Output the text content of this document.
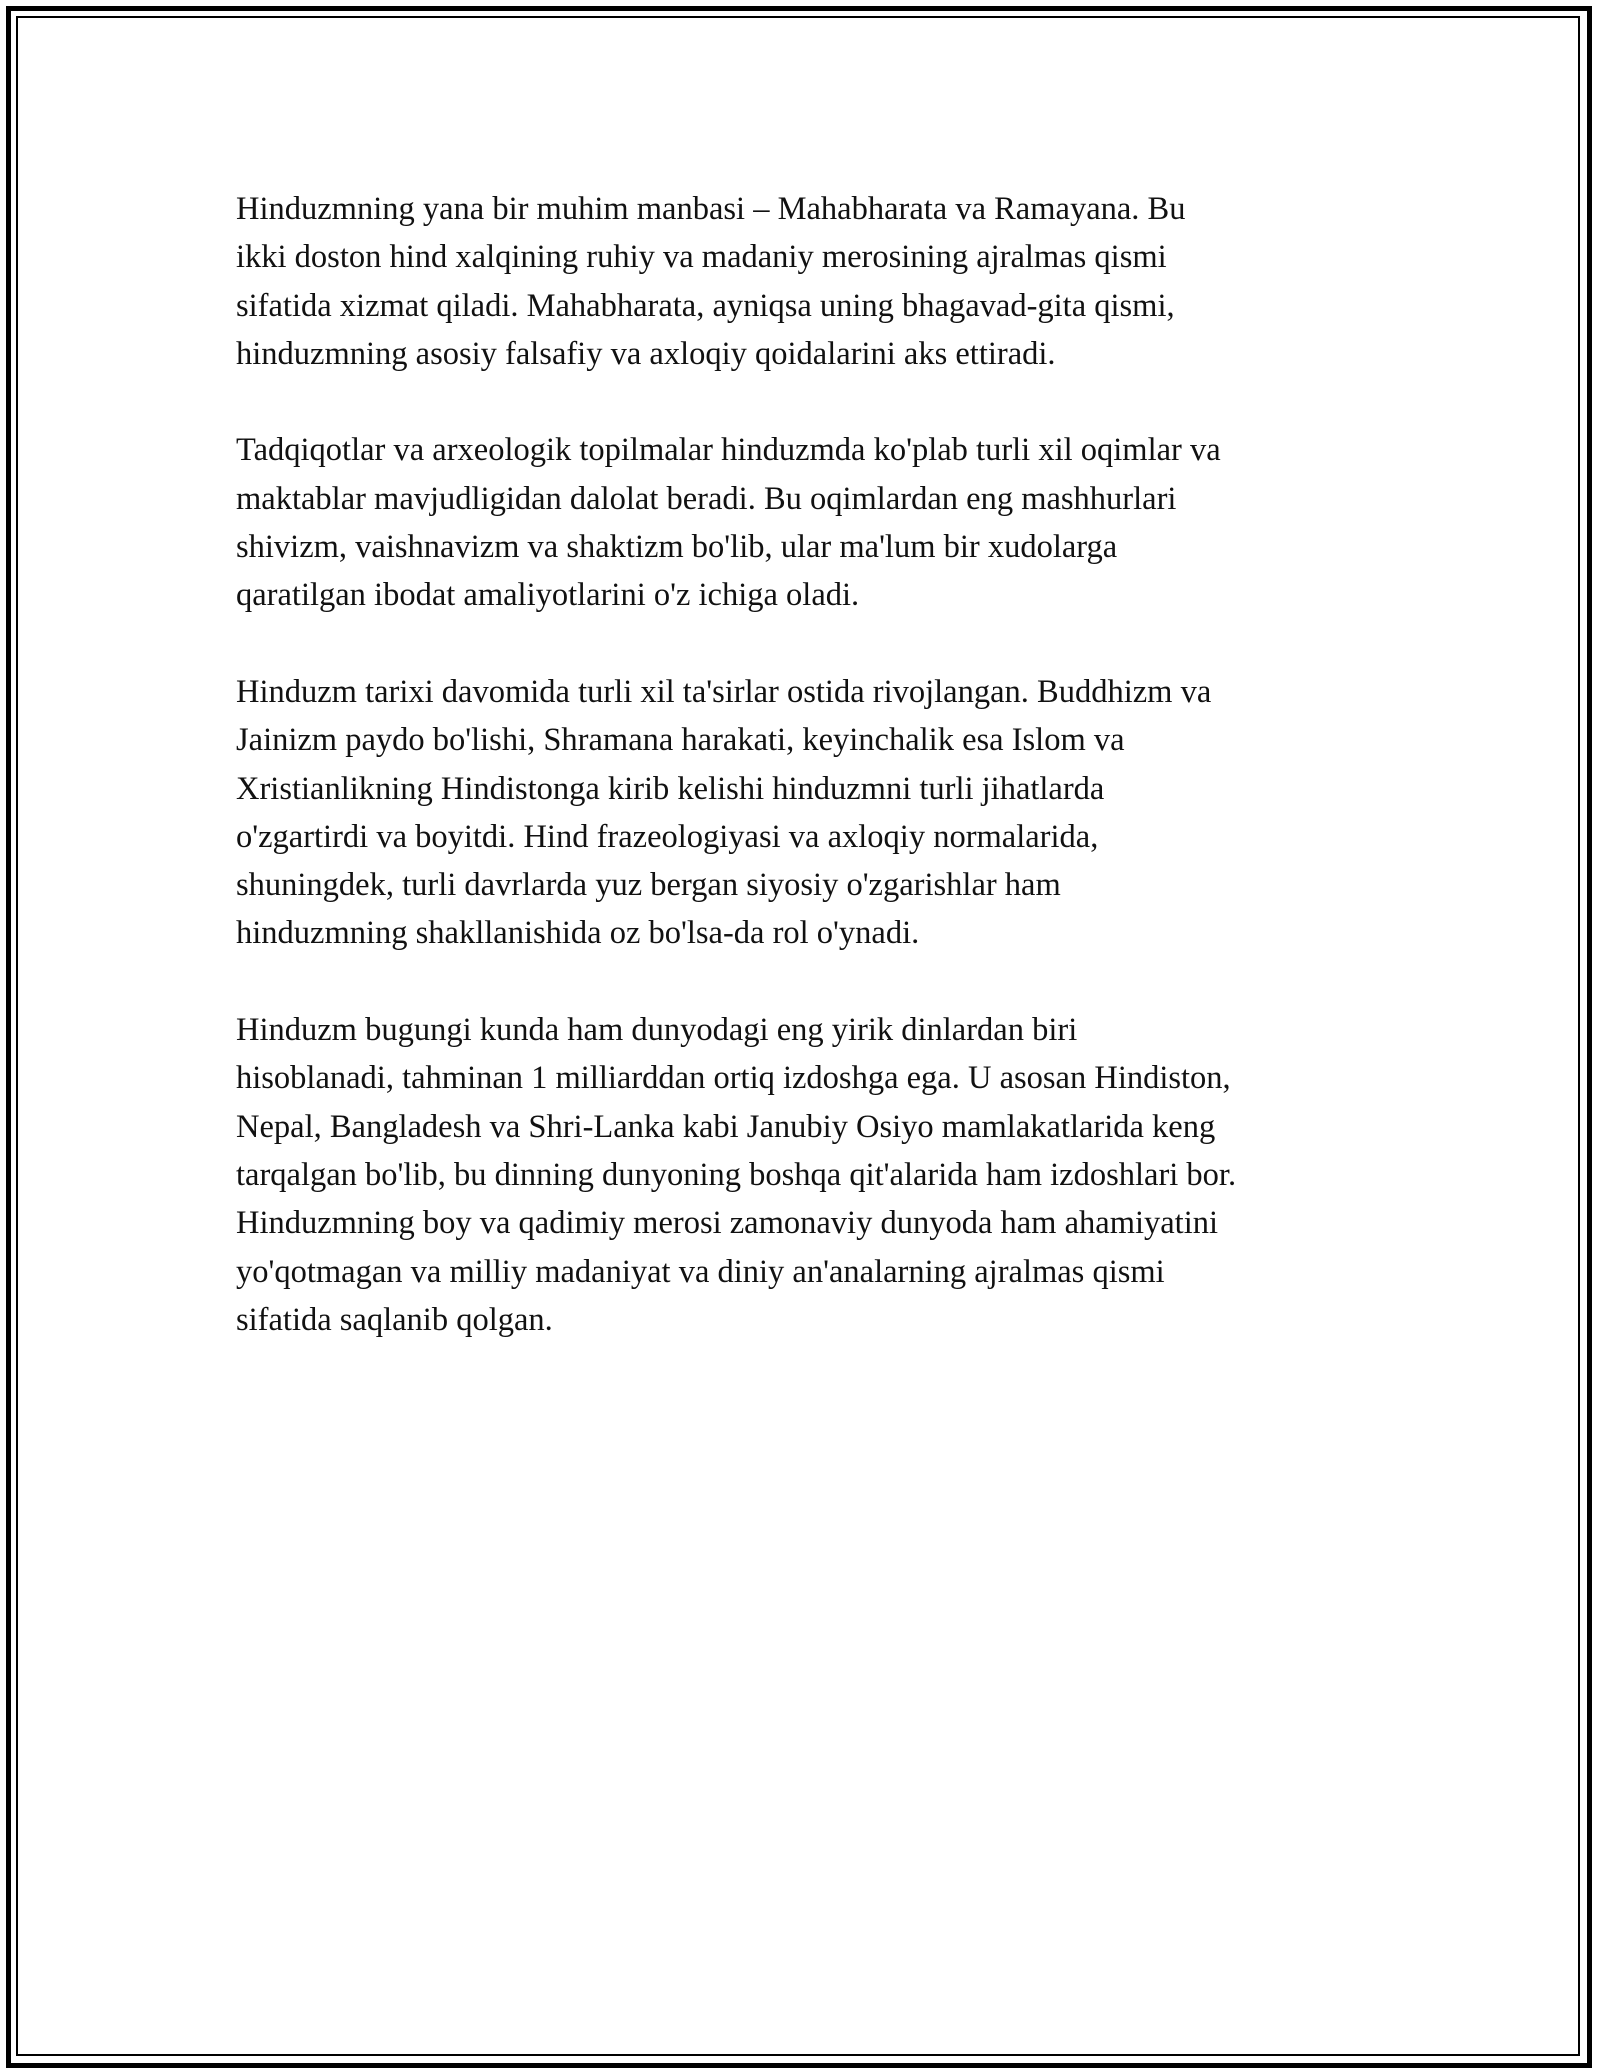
Hinduzmning yana bir muhim manbasi – Mahabharata va Ramayana. Bu
ikki doston hind xalqining ruhiy va madaniy merosining ajralmas qismi
sifatida xizmat qiladi. Mahabharata, ayniqsa uning bhagavad-gita qismi,
hinduzmning asosiy falsafiy va axloqiy qoidalarini aks ettiradi.

Tadqiqotlar va arxeologik topilmalar hinduzmda ko'plab turli xil oqimlar va
maktablar mavjudligidan dalolat beradi. Bu oqimlardan eng mashhurlari
shivizm, vaishnavizm va shaktizm bo'lib, ular ma'lum bir xudolarga
qaratilgan ibodat amaliyotlarini o'z ichiga oladi.

Hinduzm tarixi davomida turli xil ta'sirlar ostida rivojlangan. Buddhizm va
Jainizm paydo bo'lishi, Shramana harakati, keyinchalik esa Islom va
Xristianlikning Hindistonga kirib kelishi hinduzmni turli jihatlarda
o'zgartirdi va boyitdi. Hind frazeologiyasi va axloqiy normalarida,
shuningdek, turli davrlarda yuz bergan siyosiy o'zgarishlar ham
hinduzmning shakllanishida oz bo'lsa-da rol o'ynadi.

Hinduzm bugungi kunda ham dunyodagi eng yirik dinlardan biri
hisoblanadi, tahminan 1 milliarddan ortiq izdoshga ega. U asosan Hindiston,
Nepal, Bangladesh va Shri-Lanka kabi Janubiy Osiyo mamlakatlarida keng
tarqalgan bo'lib, bu dinning dunyoning boshqa qit'alarida ham izdoshlari bor.
Hinduzmning boy va qadimiy merosi zamonaviy dunyoda ham ahamiyatini
yo'qotmagan va milliy madaniyat va diniy an'analarning ajralmas qismi
sifatida saqlanib qolgan.
